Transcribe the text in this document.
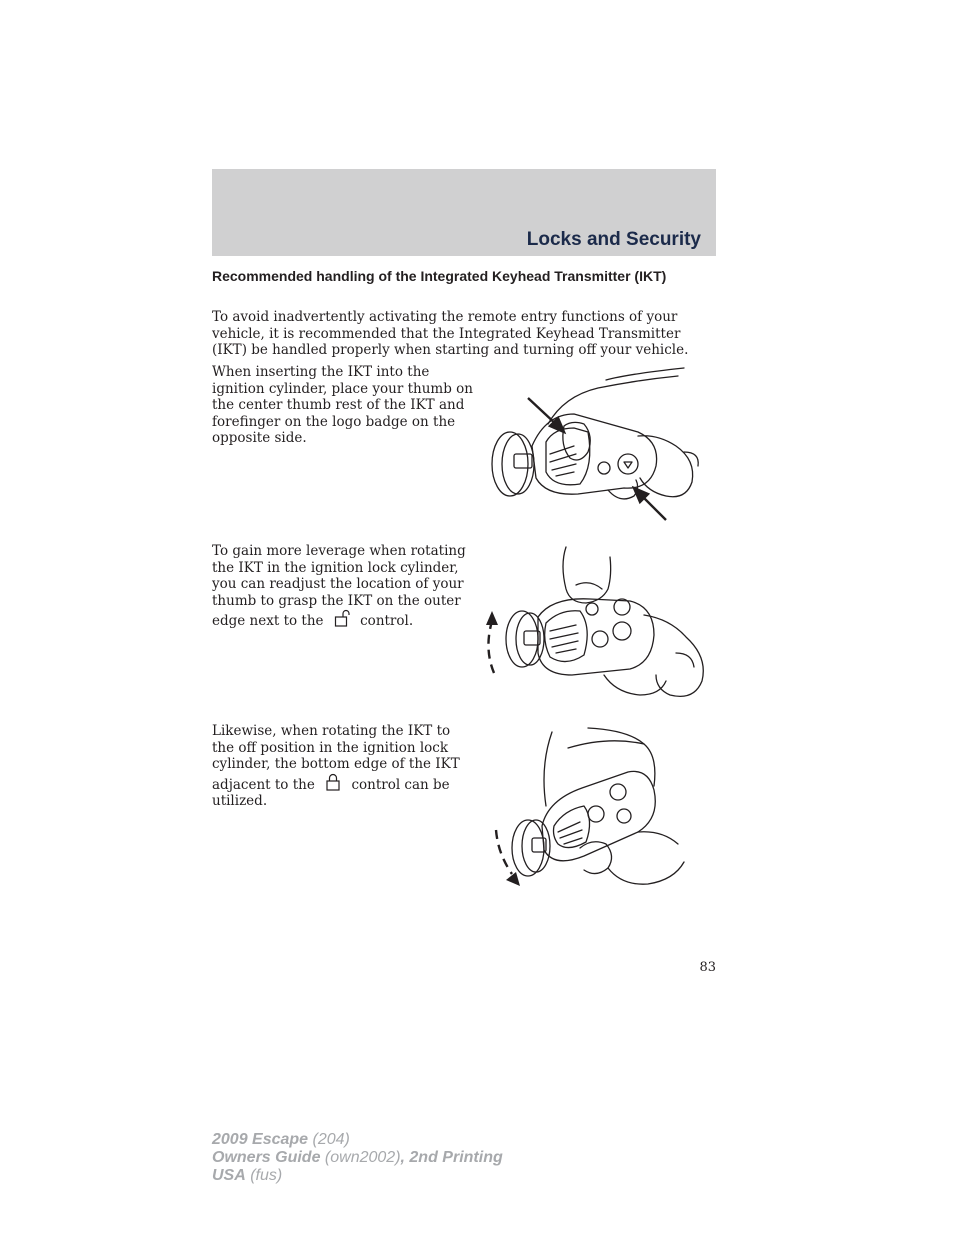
Locks and Security
Recommended handling of the Integrated Keyhead Transmitter (IKT)
To avoid inadvertently activating the remote entry functions of your vehicle, it is recommended that the Integrated Keyhead Transmitter (IKT) be handled properly when starting and turning off your vehicle.
When inserting the IKT into the ignition cylinder, place your thumb on the center thumb rest of the IKT and forefinger on the logo badge on the opposite side.
To gain more leverage when rotating the IKT in the ignition lock cylinder, you can readjust the location of your thumb to grasp the IKT on the outer edge next to the	control.
Likewise, when rotating the IKT to the off position in the ignition lock cylinder, the bottom edge of the IKT adjacent to the	control can be utilized.
83
2009 Escape (204)
Owners Guide (own2002), 2nd Printing
USA (fus)
